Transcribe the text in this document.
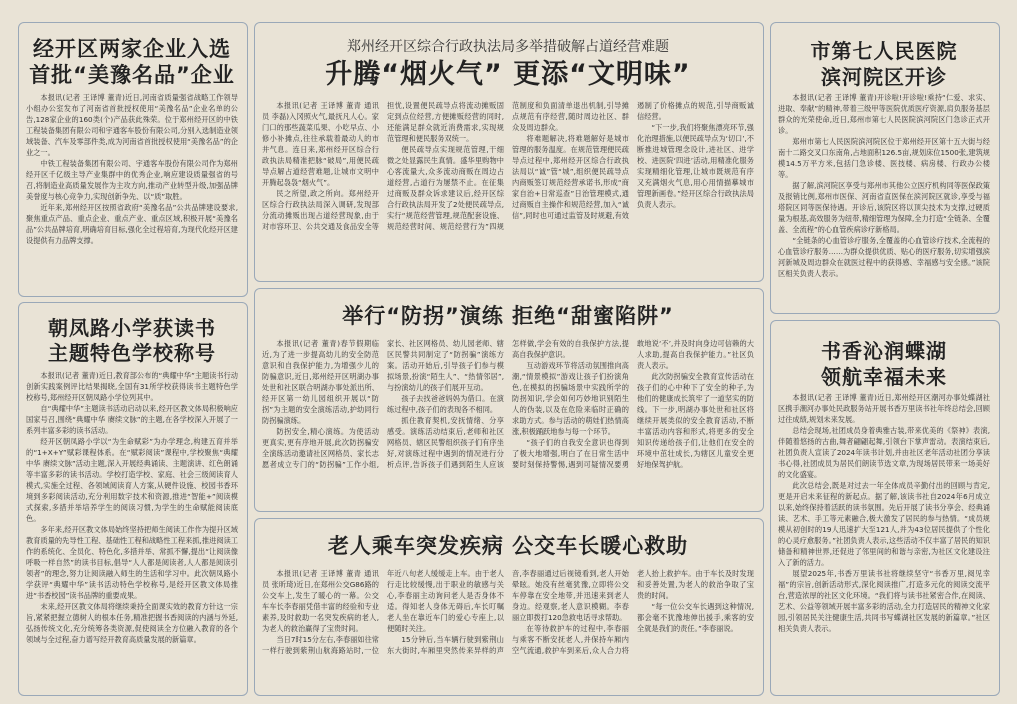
经开区两家企业入选
首批“美豫名品”企业

本报讯(记者 王译博 董青)近日,河南省质量强省战略工作领导小组办公室发布了河南省首批授权使用“美豫名品”企业名单的公告,128家企业的160类(个)产品获此殊荣。位于郑州经开区的中铁工程装备集团有限公司和宇通客车股份有限公司,分别入选制造业领域装备、汽车及零部件类,成为河南省首批授权使用“美豫名品”的企业之一。

中铁工程装备集团有限公司、宇通客车股份有限公司作为郑州经开区千亿级主导产业集群中的优秀企业,响应建设质量强省的号召,将制造业高质量发展作为主攻方向,推动产业转型升级,加强品牌美誉度与核心竞争力,实现创新争先、以“质”取胜。

近年来,郑州经开区按照省政府“美豫名品”公共品牌建设要求,聚焦重点产品、重点企业、重点产业、重点区域,积极开展“美豫名品”公共品牌培育,明确培育目标,强化全过程培育,为现代化经开区建设提供有力品牌支撑。

朝凤路小学获读书
主题特色学校称号

本报讯(记者 董青)近日,教育部公布的“典耀中华”主题读书行动创新实践案例评比结果揭晓,全国有31所学校获得读书主题特色学校称号,郑州经开区朝凤路小学位列其中。

自“典耀中华”主题读书活动启动以来,经开区教文体局积极响应国家号召,围绕“典耀中华 赓续文脉”的主题,在各学校深入开展了一系列丰富多彩的读书活动。

经开区朝凤路小学以“为生命赋彩”为办学理念,构建五育并举的“1+X+Y”赋彩课程体系。在“赋彩阅读”课程中,学校聚焦“典耀中华 赓续文脉”活动主题,深入开展经典诵读、主题演讲、红色朗诵等丰富多彩的读书活动。学校打造学校、家庭、社会三级阅读育人模式,实施全过程、各领域阅读育人方案,从硬件设施、校园书香环境到多彩阅读活动,充分利用数字技术和资源,推进“智能+”阅读模式探索,多措并举培养学生的阅读习惯,为学生的生命赋能阅读底色。

多年来,经开区教文体局始终坚持把师生阅读工作作为提升区域教育质量的先导性工程、基础性工程和战略性工程来抓,推进阅读工作的系统化、全员化、特色化,多措并举、常抓不懈,提出“让阅读像呼吸一样自然”的读书目标,倡导“人人都是阅读者,人人都是阅读引领者”的理念,努力让阅读融入师生的生活和学习中。此次朝凤路小学获评“典耀中华”读书活动特色学校称号,是经开区教文体局推进“书香校园”读书品牌的重要成果。

未来,经开区教文体局将继续秉持全面课实效的教育方针这一宗旨,紧紧把握立德树人的根本任务,精准把握书香阅读的内涵与外延,弘扬传统文化,充分统筹各类资源,促使阅读全方位融入教育的各个领域与全过程,奋力谱写经开教育高质量发展的新篇章。

郑州经开区综合行政执法局多举措破解占道经营难题
升腾“烟火气” 更添“文明味”

本报讯(记者 王译博 董青 通讯员 李磊)入冈照火气,最抚凡人心。家门口的那些蔬菜瓜果、小吃早点、小修小补摊点,往往承载着最动人的市井气息。连日来,郑州经开区综合行政执法局精准把脉“破局”,用便民疏导点解占道经营难题,让城市文明中开腾起袅袅“烟火气”。

民之所望,政之所向。郑州经开区综合行政执法局深入调研,发现部分流动摊贩出现占道经营现象,由于对市容环卫、公共交通及食品安全等担忧,设置便民疏导点将流动摊贩固定到点位经营,方便摊贩经营的同时,还能满足群众就近消费需求,实现规范管理和便民服务双统一。

便民疏导点实现规范管理,干细微之处显露民生真情。盛华里购物中心客流量大,众多流动商贩在周边占道经营,占道行为屡禁不止。在征集过商贩及群众诉求建议后,经开区综合行政执法局开发了2处便民疏导点,实行“规范经营管理,规范配套设施、规范经营时间、规范经营行为”四规范制度和负面清单退出机制,引导摊点规范有序经营,随时周边社区、群众及周边群众。

将难题解决,将难题解好是城市管理的服务温度。在规范管理便民疏导点过程中,郑州经开区综合行政执法局以“诚”管“城”,组织便民疏导点内商贩签订规范经营承诺书,形成“商家自治+日常巡查”日治管理模式,通过商贩自主操作和规范经营,加入“诚信”,同时也可通过监管及时规避,有效遏制了价格摊点的规范,引导商贩诚信经营。

“下一步,我们将聚焦漂亮环节,强化治理措施,以便民疏导点为‘切口’,不断推进城管理念设计,进社区、进学校、进医院‘四进’活动,用精准化服务实现精细化管理,让城市既规范有序又充满烟火气息,用心用情描摹城市管理新画卷。”经开区综合行政执法局负责人表示。

举行“防拐”演练 拒绝“甜蜜陷阱”

本报讯(记者 董青)春节假期临近,为了进一步提高幼儿的安全防范意识和自我保护能力,为增强少儿的防骗意识,近日,郑州经开区明湖办事处世和社区联合明湖办事处派出所、经开区第一幼儿园组织开展以“防拐”为主题的安全演练活动,护幼同行防拐骗演练。

防拐安全,精心演练。为使活动更真实,更有序地开展,此次防拐骗安全演练活动邀请社区网格员、家长志愿者成立专门的“防拐骗”工作小组,家长、社区网格员、幼儿园老师、辖区民警共同制定了“防拐骗”演练方案。活动开始后,引导孩子们参与模拟场景,扮演“陌生人”、“热情邻居”,与扮演幼儿的孩子们展开互动。

孩子去找爸爸妈妈为借口。在演练过程中,孩子们的表现各不相同。

抓住教育契机,安抚情绪、分享感受。演练活动结束后,老师和社区网格员、辖区民警组织孩子们有序坐好,对演练过程中遇到的情况进行分析点评,告诉孩子们遇到陌生人应该怎样做,学会有效的自我保护方法,提高自我保护意识。

互动游戏环节将活动氛围推向高潮,“情景模拟”游戏让孩子们扮演角色,在模拟的拐骗场景中实践所学的防拐知识,学会如何巧妙地识别陌生人的伪装,以及在危险来临时正确的求助方式。参与活动的萌娃们热情高涨,积极踊跃地参与每一个环节。

“孩子们的自我安全意识也得到了极大地增强,明白了在日常生活中要时刻保持警惕,遇到可疑情况要勇敢地说‘不’,并及时向身边可信赖的大人求助,提高自我保护能力。”社区负责人表示。

此次防拐骗安全教育宣传活动在孩子们的心中种下了安全的种子,为他们的健康成长筑牢了一道坚实的防线。下一步,明湖办事处世和社区将继续开展类似的安全教育活动,不断丰富活动内容和形式,将更多的安全知识传递给孩子们,让他们在安全的环境中茁壮成长,为辖区儿童安全更好地保驾护航。

老人乘车突发疾病 公交车长暖心救助

本报讯(记者 王译博 董青 通讯员 张昕琦)近日,在郑州公交G86路的公交车上,发生了暖心的一幕。公交车车长李春丽凭借丰富的经验和专业素养,及时救助一名突发疾病的老人,为老人的救治赢得了宝贵时间。

当日7时15分左右,李春丽如往常一样行驶到紫荆山航海路站时,一位年近八旬老人缓缓走上车。由于老人行走比较缓慢,出于职业的敏感与关心,李春丽主动询问老人是否身体不适。得知老人身体无碍后,车长叮嘱老人坐在靠近车门的爱心专座上,以便随时关注。

15分钟后,当车辆行驶到紫荆山东大街时,车厢里突然传来异样的声音,李春丽通过后视镜看到,老人开始晕眩。她没有丝毫犹豫,立即将公交车停靠在安全地带,并迅速来到老人身边。经观察,老人意识模糊。李春丽立即拨打120急救电话寻求帮助。

在等待救护车的过程中,李春丽与乘客不断安抚老人,并保持车厢内空气流通,救护车到来后,众人合力将老人抬上救护车。由于车长及时发现和妥善处置,为老人的救治争取了宝贵的时间。

“每一位公交车长遇到这种情况,都会毫不犹豫地伸出援手,乘客的安全就是我们的责任。”李春丽说。

市第七人民医院
滨河院区开诊

本报讯(记者 王译博 董青)开诊啦!开诊啦!乘持“仁爱、求实、进取、奉献”的精神,带着三级甲等医院优质医疗资源,肩负服务基层群众的光荣使命,近日,郑州市第七人民医院滨河院区门急诊正式开诊。

郑州市第七人民医院滨河院区位于郑州经开区第十五大街与经南十二路交叉口东南角,占地面积126.5亩,规划床位1500张,建筑规模14.5万平方米,包括门急诊楼、医技楼、病房楼、行政办公楼等。

据了解,滨河院区享受与郑州市其他公立医疗机构同等医保政策及报销比例,郑州市医保、河南省直医保在滨河院区就诊,享受与福塔院区同等医保待遇。开诊后,该院区将以顶尖技术为支撑,过硬质量为根基,高效服务为纽带,精细管理为保障,全力打造“全链条、全覆盖、全流程”的心血管疾病诊疗新格局。

“全链条的心血管诊疗服务,全覆盖的心血管诊疗技术,全流程的心血管诊疗服务……为群众提供优质、贴心的医疗服务,切实增强滨河新城及周边群众在就医过程中的获得感、幸福感与安全感。”该院区相关负责人表示。

书香沁润蝶湖
领航幸福未来

本报讯(记者 王译博 董青)近日,郑州经开区潮河办事处蝶湖社区携手潮河办事处民政服务站开展书香万里读书社年终总结会,回顾过往成绩,规划未来发展。

总结会现场,社团成员身着典雅古装,带来优美的《祭神》表演,伴随着悠扬的古曲,舞者翩翩起舞,引领台下掌声雷动。表演结束后,社团负责人宣读了2024年读书计划,并由社区老年活动社团分享读书心得,社团成员为居民们朗读节选文章,为现场居民带来一场美好的文化盛宴。

此次总结会,既是对过去一年全体成员辛勤付出的回顾与肯定,更是开启未来征程的新起点。据了解,该读书社自2024年6月成立以来,始终保持着活跃的读书氛围。先后开展了读书分享会、经典诵读、艺术、手工等元素融合,极大激发了居民的参与热情。“成员规模从初创时的19人迅速扩大至121人,并为43位居民提供了个性化的心灵疗愈服务。”社团负责人表示,这些活动不仅丰富了居民的知识储备和精神世界,还促进了邻里间的和谐与亲密,为社区文化建设注入了新的活力。

展望2025年,书香万里读书社将继续坚守“书香万里,阅见幸福”的宗旨,创新活动形式,深化阅读推广,打造多元化的阅读交流平台,营造浓厚的社区文化环境。“我们将与读书社紧密合作,在阅读、艺术、公益等领域开展丰富多彩的活动,全力打造居民的精神文化家园,引领居民关注健康生活,共同书写蝶湖社区发展的新篇章。”社区相关负责人表示。
